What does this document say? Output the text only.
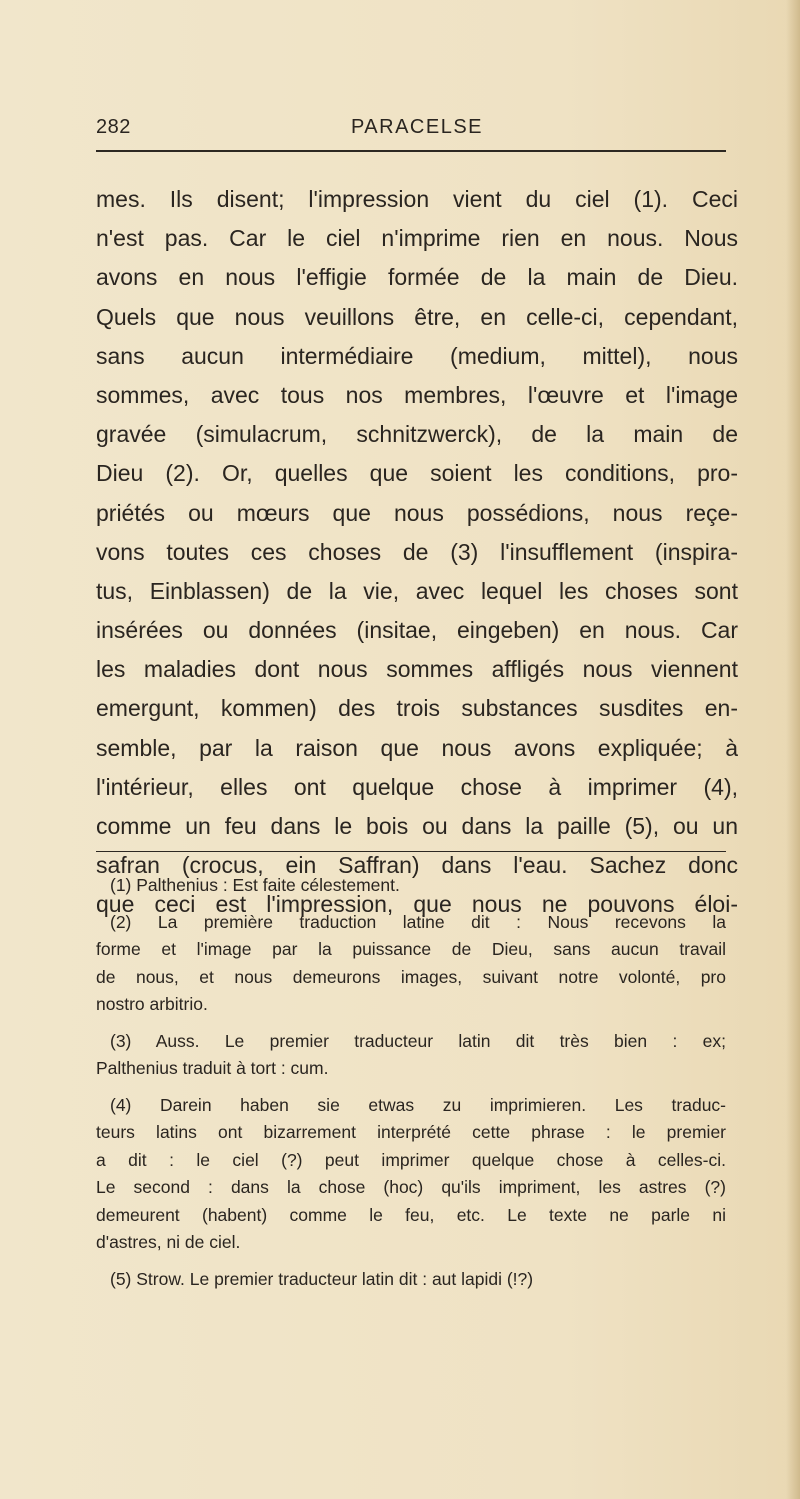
282	PARACELSE
mes. Ils disent; l'impression vient du ciel (1). Ceci
n'est pas. Car le ciel n'imprime rien en nous. Nous
avons en nous l'effigie formée de la main de Dieu.
Quels que nous veuillons être, en celle-ci, cependant,
sans aucun intermédiaire (medium, mittel), nous
sommes, avec tous nos membres, l'œuvre et l'image
gravée (simulacrum, schnitzwerck), de la main de
Dieu (2). Or, quelles que soient les conditions, pro-
priétés ou mœurs que nous possédions, nous reçe-
vons toutes ces choses de (3) l'insufflement (inspira-
tus, Einblassen) de la vie, avec lequel les choses sont
insérées ou données (insitae, eingeben) en nous. Car
les maladies dont nous sommes affligés nous viennent
emergunt, kommen) des trois substances susdites en-
semble, par la raison que nous avons expliquée; à
l'intérieur, elles ont quelque chose à imprimer (4),
comme un feu dans le bois ou dans la paille (5), ou un
safran (crocus, ein Saffran) dans l'eau. Sachez donc
que ceci est l'impression, que nous ne pouvons éloi-
(1) Palthenius : Est faite célestement.
(2) La première traduction latine dit : Nous recevons la
forme et l'image par la puissance de Dieu, sans aucun travail
de nous, et nous demeurons images, suivant notre volonté, pro
nostro arbitrio.
(3) Auss. Le premier traducteur latin dit très bien : ex;
Palthenius traduit à tort : cum.
(4) Darein haben sie etwas zu imprimieren. Les traduc-
teurs latins ont bizarrement interprété cette phrase : le premier
a dit : le ciel (?) peut imprimer quelque chose à celles-ci.
Le second : dans la chose (hoc) qu'ils impriment, les astres (?)
demeurent (habent) comme le feu, etc. Le texte ne parle ni
d'astres, ni de ciel.
(5) Strow. Le premier traducteur latin dit : aut lapidi (!?)
